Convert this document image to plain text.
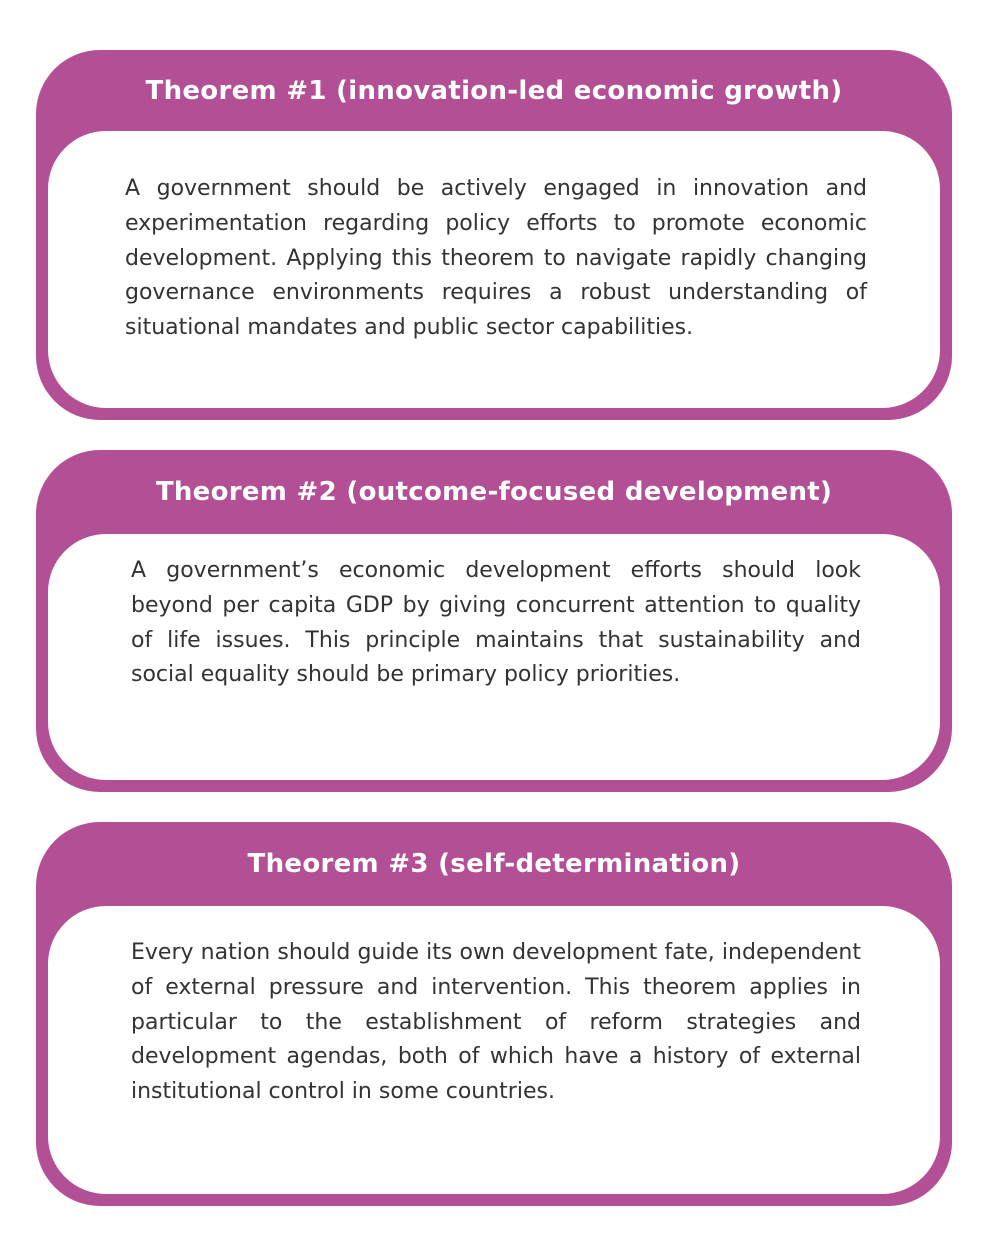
Theorem #1 (innovation-led economic growth)

A government should be actively engaged in innovation and experimentation regarding policy efforts to promote economic development. Applying this theorem to navigate rapidly changing governance environments requires a robust understanding of situational mandates and public sector capabilities.

Theorem #2 (outcome-focused development)

A government’s economic development efforts should look beyond per capita GDP by giving concurrent attention to quality of life issues. This principle maintains that sustainability and social equality should be primary policy priorities.

Theorem #3 (self-determination)

Every nation should guide its own development fate, independent of external pressure and intervention. This theorem applies in particular to the establishment of reform strategies and development agendas, both of which have a history of external institutional control in some countries.
